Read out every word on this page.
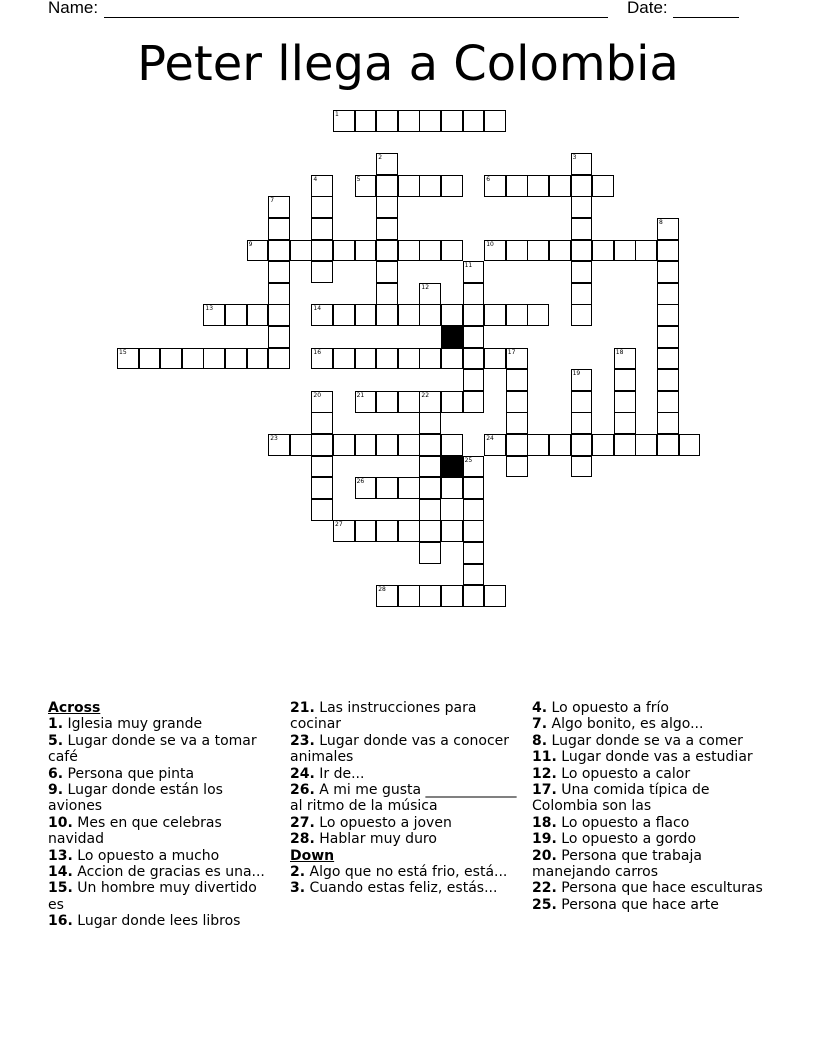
Name:	Date:
Peter llega a Colombia
1
5	6
9	10
13	14
15	16
21	22
23	24
26
27
28
2	3
4
7
8
11
12
17	18
19
20
25
Across
1. Iglesia muy grande
5. Lugar donde se va a tomar café
6. Persona que pinta
9. Lugar donde están los aviones
10. Mes en que celebras navidad
13. Lo opuesto a mucho
14. Accion de gracias es una...
15. Un hombre muy divertido es
16. Lugar donde lees libros
21. Las instrucciones para cocinar
23. Lugar donde vas a conocer animales
24. Ir de...
26. A mi me gusta _____________ al ritmo de la música
27. Lo opuesto a joven
28. Hablar muy duro
Down
2. Algo que no está frio, está...
3. Cuando estas feliz, estás...
4. Lo opuesto a frío
7. Algo bonito, es algo...
8. Lugar donde se va a comer
11. Lugar donde vas a estudiar
12. Lo opuesto a calor
17. Una comida típica de Colombia son las
18. Lo opuesto a flaco
19. Lo opuesto a gordo
20. Persona que trabaja manejando carros
22. Persona que hace esculturas
25. Persona que hace arte
